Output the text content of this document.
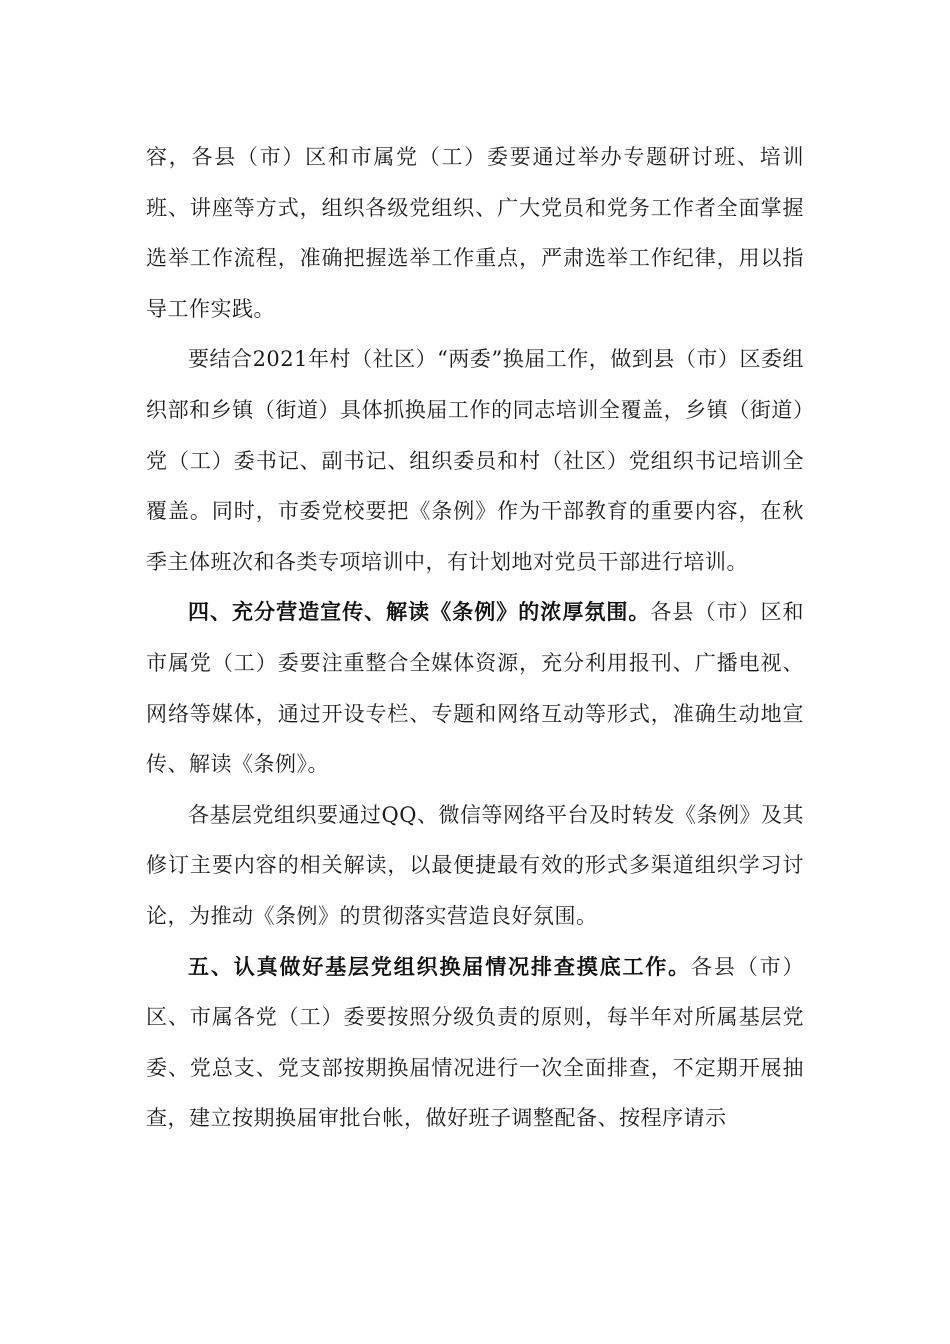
容，各县（市）区和市属党（工）委要通过举办专题研讨班、培训班、讲座等方式，组织各级党组织、广大党员和党务工作者全面掌握选举工作流程，准确把握选举工作重点，严肃选举工作纪律，用以指导工作实践。

要结合2021年村（社区）“两委”换届工作，做到县（市）区委组织部和乡镇（街道）具体抓换届工作的同志培训全覆盖，乡镇（街道）党（工）委书记、副书记、组织委员和村（社区）党组织书记培训全覆盖。同时，市委党校要把《条例》作为干部教育的重要内容，在秋季主体班次和各类专项培训中，有计划地对党员干部进行培训。

四、充分营造宣传、解读《条例》的浓厚氛围。各县（市）区和市属党（工）委要注重整合全媒体资源，充分利用报刊、广播电视、网络等媒体，通过开设专栏、专题和网络互动等形式，准确生动地宣传、解读《条例》。

各基层党组织要通过QQ、微信等网络平台及时转发《条例》及其修订主要内容的相关解读，以最便捷最有效的形式多渠道组织学习讨论，为推动《条例》的贯彻落实营造良好氛围。

五、认真做好基层党组织换届情况排查摸底工作。各县（市）区、市属各党（工）委要按照分级负责的原则，每半年对所属基层党委、党总支、党支部按期换届情况进行一次全面排查，不定期开展抽查，建立按期换届审批台帐，做好班子调整配备、按程序请示
